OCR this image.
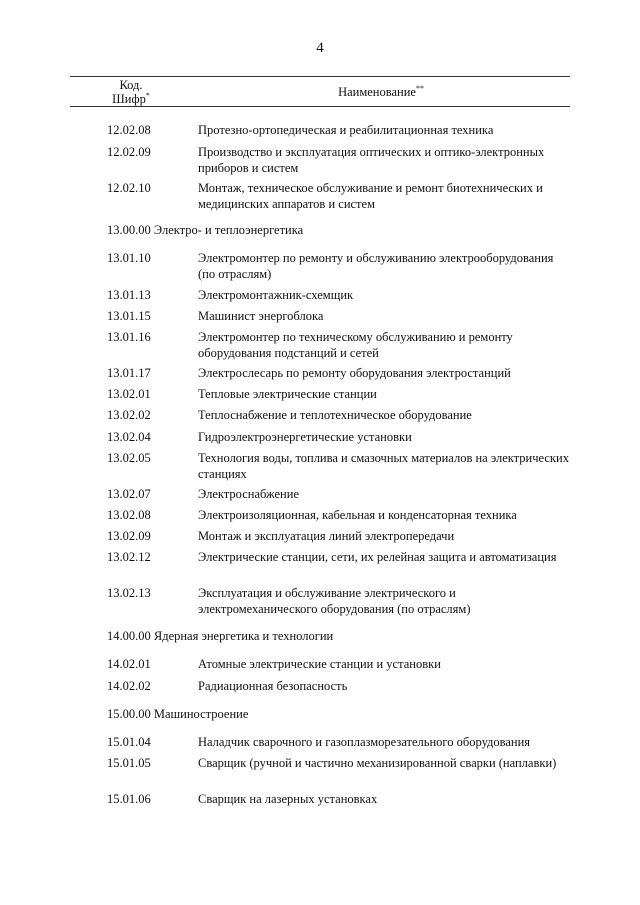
4
Код.
Шифр*	Наименование**
12.02.08	Протезно-ортопедическая и реабилитационная техника
12.02.09	Производство и эксплуатация оптических и оптико-электронных приборов и систем
12.02.10	Монтаж, техническое обслуживание и ремонт биотехнических и медицинских аппаратов и систем
13.00.00 Электро- и теплоэнергетика
13.01.10	Электромонтер по ремонту и обслуживанию электрооборудования (по отраслям)
13.01.13	Электромонтажник-схемщик
13.01.15	Машинист энергоблока
13.01.16	Электромонтер по техническому обслуживанию и ремонту оборудования подстанций и сетей
13.01.17	Электрослесарь по ремонту оборудования электростанций
13.02.01	Тепловые электрические станции
13.02.02	Теплоснабжение и теплотехническое оборудование
13.02.04	Гидроэлектроэнергетические установки
13.02.05	Технология воды, топлива и смазочных материалов на электрических станциях
13.02.07	Электроснабжение
13.02.08	Электроизоляционная, кабельная и конденсаторная техника
13.02.09	Монтаж и эксплуатация линий электропередачи
13.02.12	Электрические станции, сети, их релейная защита и автоматизация
13.02.13	Эксплуатация и обслуживание электрического и электромеханического оборудования (по отраслям)
14.00.00 Ядерная энергетика и технологии
14.02.01	Атомные электрические станции и установки
14.02.02	Радиационная безопасность
15.00.00 Машиностроение
15.01.04	Наладчик сварочного и газоплазморезательного оборудования
15.01.05	Сварщик (ручной и частично механизированной сварки (наплавки)
15.01.06	Сварщик на лазерных установках
